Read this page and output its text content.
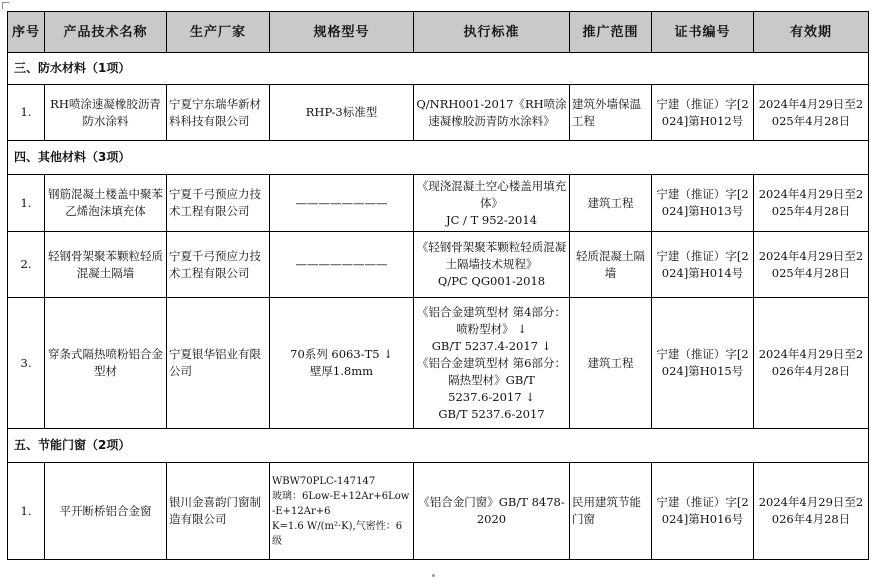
序号	产品技术名称	生产厂家	规格型号	执行标准	推广范围	证书编号	有效期
三、防水材料（1项）							
1.	RH喷涂速凝橡胶沥青防水涂料	宁夏宁东瑞华新材料科技有限公司	RHP-3标准型	Q/NRH001-2017《RH喷涂速凝橡胶沥青防水涂料》	建筑外墙保温工程	宁建（推证）字[2024]第H012号	2024年4月29日至2025年4月28日
四、其他材料（3项）							
1.	钢筋混凝土楼盖中聚苯乙烯泡沫填充体	宁夏千弓预应力技术工程有限公司	————————	《现浇混凝土空心楼盖用填充体》
JC / T 952-2014	建筑工程	宁建（推证）字[2024]第H013号	2024年4月29日至2025年4月28日
2.	轻钢骨架聚苯颗粒轻质混凝土隔墙	宁夏千弓预应力技术工程有限公司	————————	《轻钢骨架聚苯颗粒轻质混凝土隔墙技术规程》
Q/PC QG001-2018	轻质混凝土隔墙	宁建（推证）字[2024]第H014号	2024年4月29日至2025年4月28日
3.	穿条式隔热喷粉铝合金型材	宁夏银华铝业有限公司	70系列 6063-T5 ↓
壁厚1.8mm	《铝合金建筑型材 第4部分：喷粉型材》 ↓
GB/T 5237.4-2017 ↓
《铝合金建筑型材 第6部分：隔热型材》GB/T
5237.6-2017 ↓
GB/T 5237.6-2017	建筑工程	宁建（推证）字[2024]第H015号	2024年4月29日至2026年4月28日
五、节能门窗（2项）							
1.	平开断桥铝合金窗	银川金喜韵门窗制造有限公司	WBW70PLC-147147
玻璃：6Low-E+12Ar+6Low-E+12Ar+6
K=1.6 W/(m²·K),气密性：6级	《铝合金门窗》GB/T 8478-2020	民用建筑节能门窗	宁建（推证）字[2024]第H016号	2024年4月29日至2026年4月28日
